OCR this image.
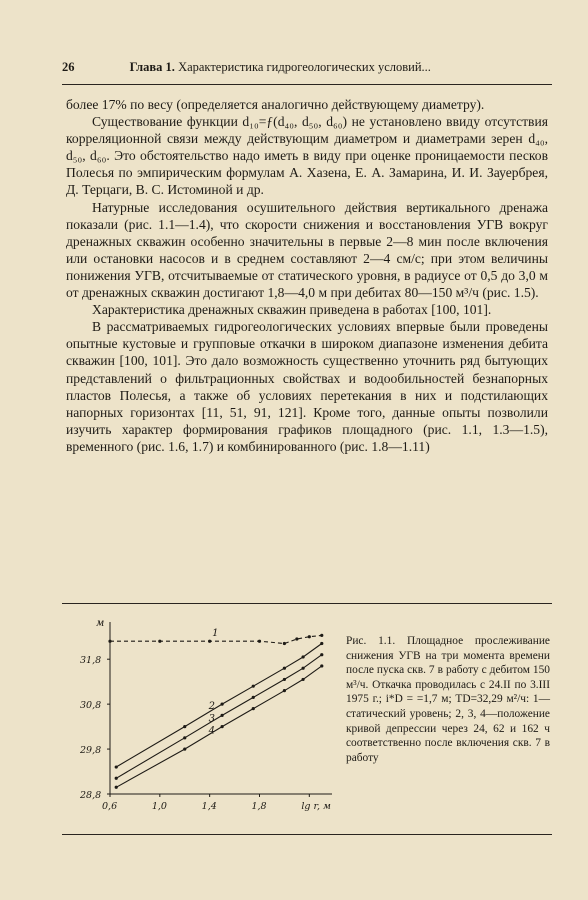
26	Глава 1. Характеристика гидрогеологических условий...

более 17% по весу (определяется аналогично действующему диаметру).

Существование функции d₁₀=ƒ(d₄₀, d₅₀, d₆₀) не установлено ввиду отсутствия корреляционной связи между действующим диаметром и диаметрами зерен d₄₀, d₅₀, d₆₀. Это обстоятельство надо иметь в виду при оценке проницаемости песков Полесья по эмпирическим формулам А. Хазена, Е. А. Замарина, И. И. Зауербрея, Д. Терцаги, В. С. Истоминой и др.

Натурные исследования осушительного действия вертикального дренажа показали (рис. 1.1—1.4), что скорости снижения и восстановления УГВ вокруг дренажных скважин особенно значительны в первые 2—8 мин после включения или остановки насосов и в среднем составляют 2—4 см/с; при этом величины понижения УГВ, отсчитываемые от статического уровня, в радиусе от 0,5 до 3,0 м от дренажных скважин достигают 1,8—4,0 м при дебитах 80—150 м³/ч (рис. 1.5).

Характеристика дренажных скважин приведена в работах [100, 101].

В рассматриваемых гидрогеологических условиях впервые были проведены опытные кустовые и групповые откачки в широком диапазоне изменения дебита скважин [100, 101]. Это дало возможность существенно уточнить ряд бытующих представлений о фильтрационных свойствах и водообильностей безнапорных пластов Полесья, а также об условиях перетекания в них и подстилающих напорных горизонтах [11, 51, 91, 121]. Кроме того, данные опыты позволили изучить характер формирования графиков площадного (рис. 1.1, 1.3—1.5), временного (рис. 1.6, 1.7) и комбинированного (рис. 1.8—1.11)

м
31,8
30,8
29,8
28,8
0,6	1,0	1,4	1,8	lg r, м
1
2
3
4

Рис. 1.1. Площадное прослеживание снижения УГВ на три момента времени после пуска скв. 7 в работу с дебитом 150 м³/ч. Откачка проводилась с 24.II по 3.III 1975 г.; i*D = =1,7 м; TD=32,29 м²/ч: 1—статический уровень; 2, 3, 4—положение кривой депрессии через 24, 62 и 162 ч соответственно после включения скв. 7 в работу
